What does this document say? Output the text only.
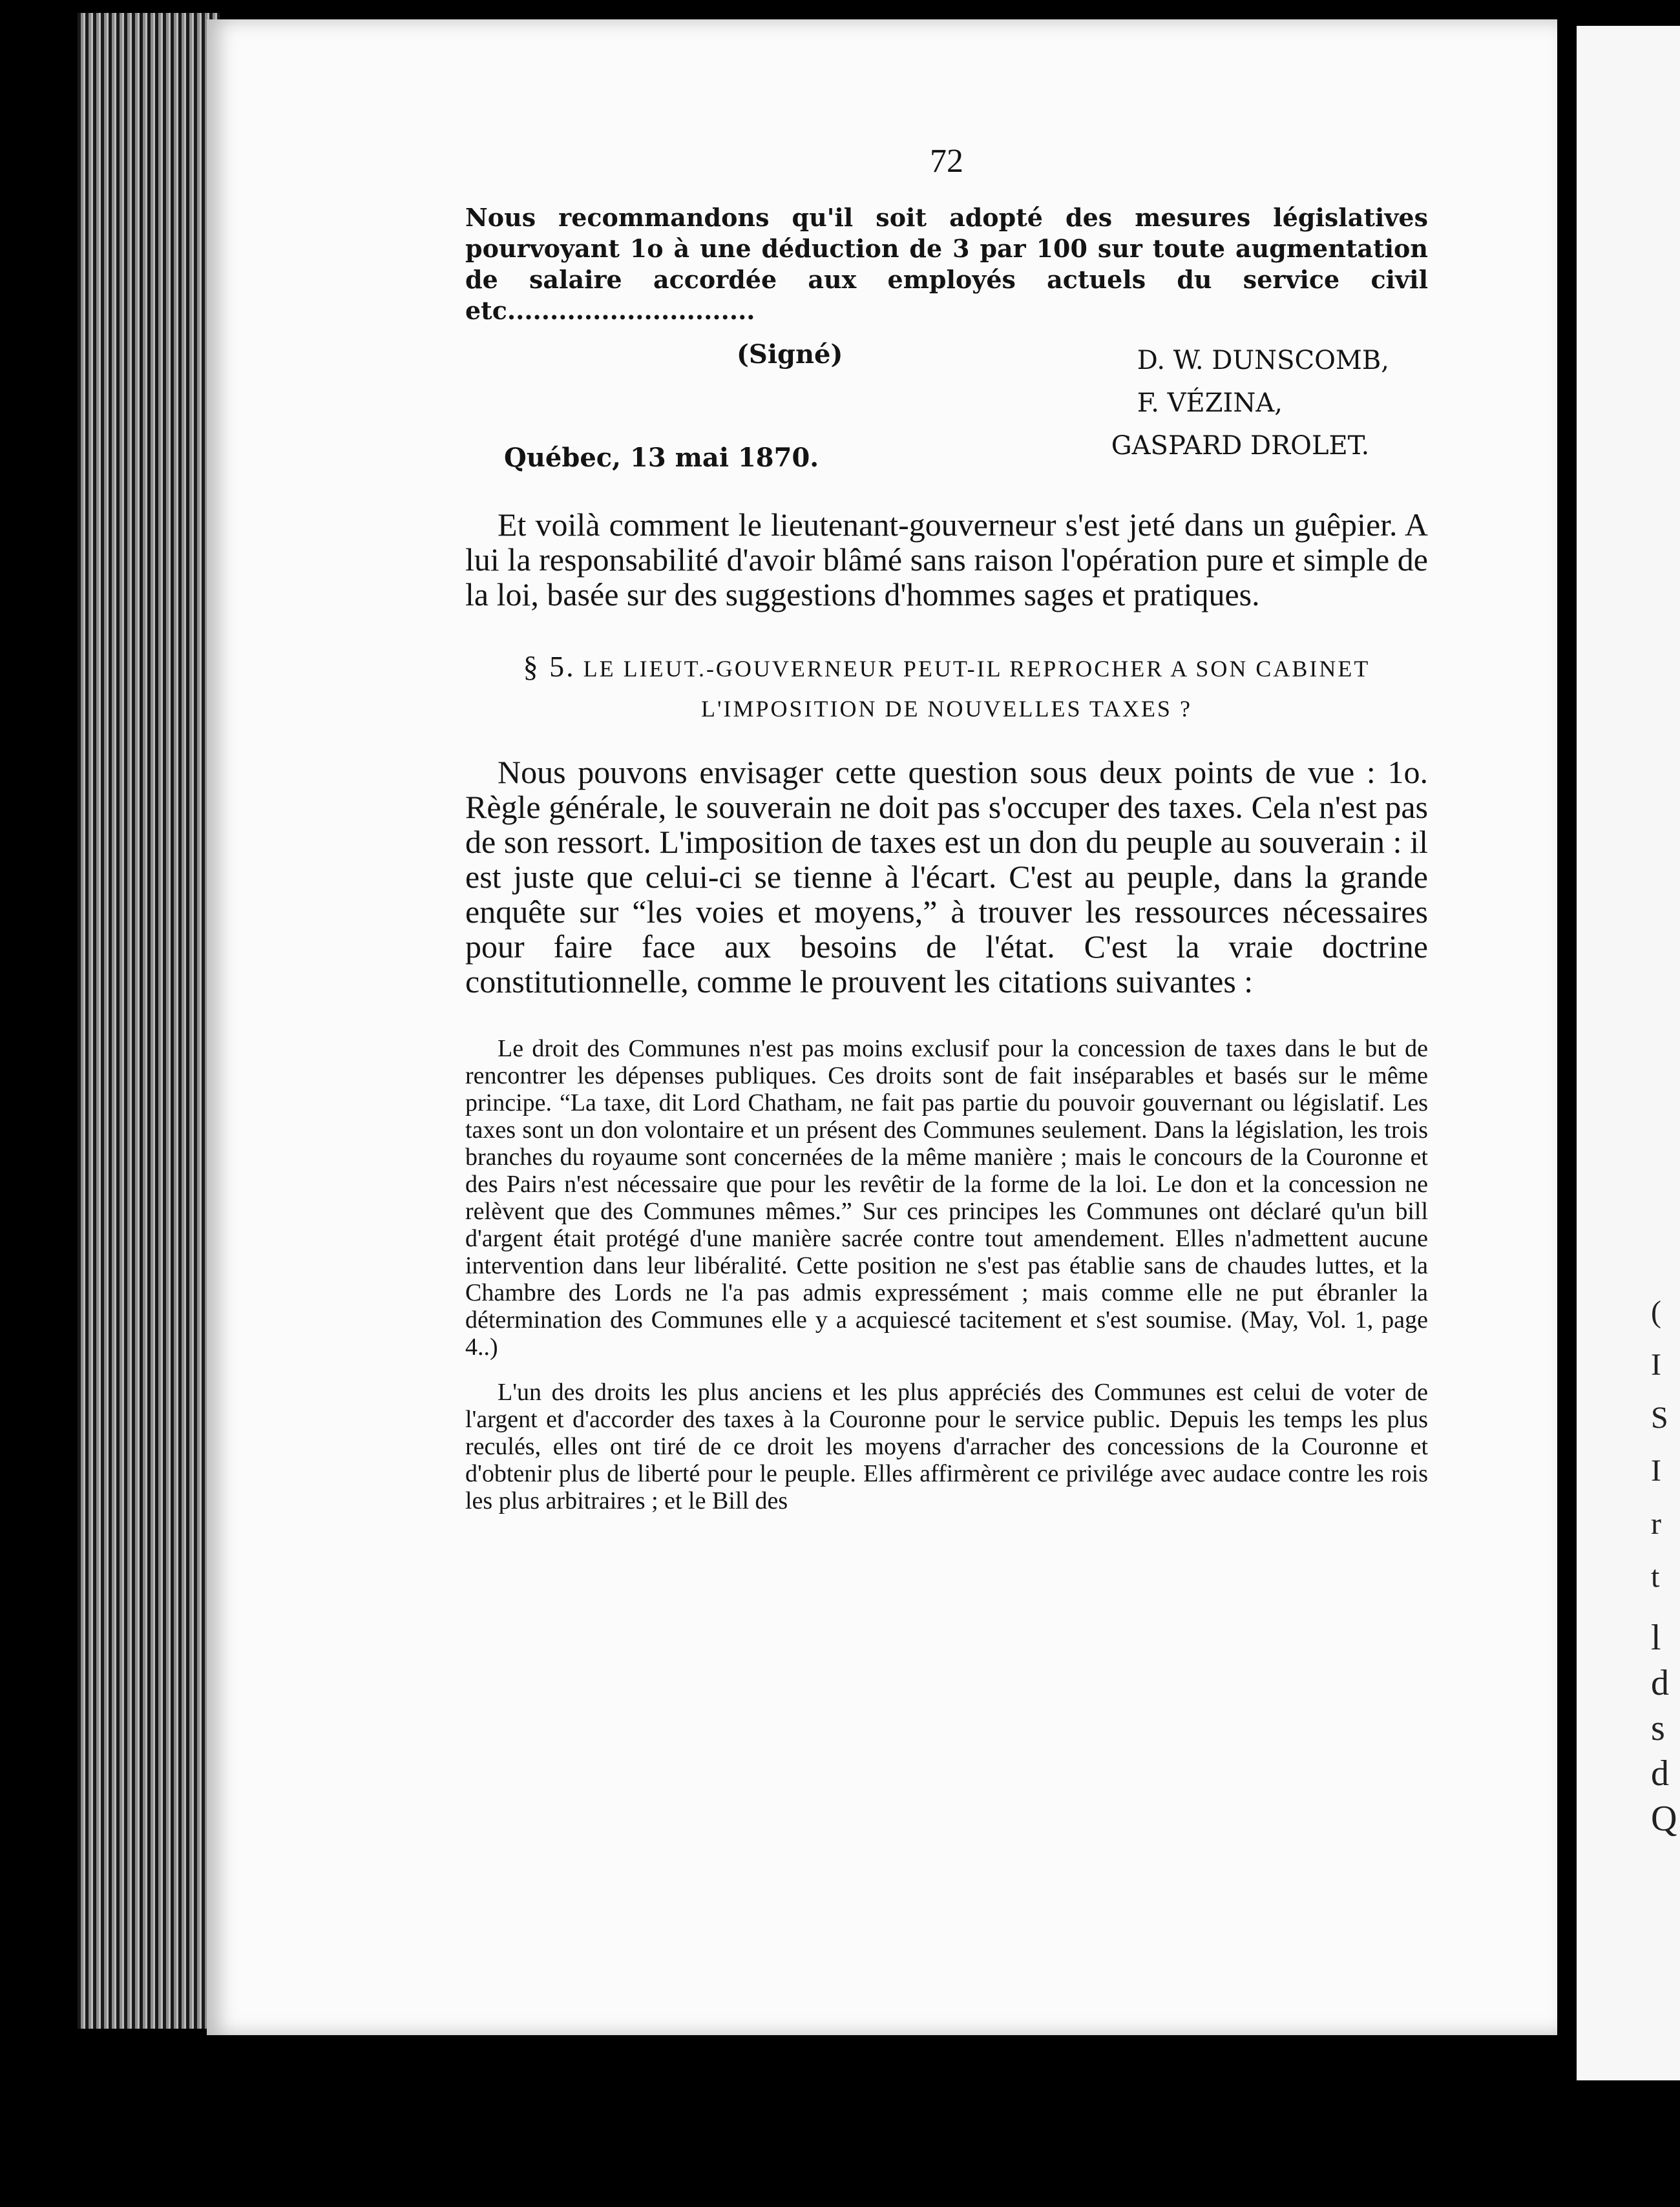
(
I
S
I
r
t
l
d
s
d
Q
72

Nous recommandons qu'il soit adopté des mesures législatives pourvoyant 1o à une déduction de 3 par 100 sur toute augmentation de salaire accordée aux employés actuels du service civil etc.............................

(Signé)	D. W. DUNSCOMB,
F. VÉZINA,
GASPARD DROLET.
Québec, 13 mai 1870.

Et voilà comment le lieutenant-gouverneur s'est jeté dans un guêpier. A lui la responsabilité d'avoir blâmé sans raison l'opération pure et simple de la loi, basée sur des suggestions d'hommes sages et pratiques.

§ 5. LE LIEUT.-GOUVERNEUR PEUT-IL REPROCHER A SON CABINET L'IMPOSITION DE NOUVELLES TAXES ?

Nous pouvons envisager cette question sous deux points de vue : 1o. Règle générale, le souverain ne doit pas s'occuper des taxes. Cela n'est pas de son ressort. L'imposition de taxes est un don du peuple au souverain : il est juste que celui-ci se tienne à l'écart. C'est au peuple, dans la grande enquête sur “les voies et moyens,” à trouver les ressources nécessaires pour faire face aux besoins de l'état. C'est la vraie doctrine constitutionnelle, comme le prouvent les citations suivantes :

Le droit des Communes n'est pas moins exclusif pour la concession de taxes dans le but de rencontrer les dépenses publiques. Ces droits sont de fait inséparables et basés sur le même principe. “La taxe, dit Lord Chatham, ne fait pas partie du pouvoir gouvernant ou législatif. Les taxes sont un don volontaire et un présent des Communes seulement. Dans la législation, les trois branches du royaume sont concernées de la même manière ; mais le concours de la Couronne et des Pairs n'est nécessaire que pour les revêtir de la forme de la loi. Le don et la concession ne relèvent que des Communes mêmes.” Sur ces principes les Communes ont déclaré qu'un bill d'argent était protégé d'une manière sacrée contre tout amendement. Elles n'admettent aucune intervention dans leur libéralité. Cette position ne s'est pas établie sans de chaudes luttes, et la Chambre des Lords ne l'a pas admis expressément ; mais comme elle ne put ébranler la détermination des Communes elle y a acquiescé tacitement et s'est soumise. (May, Vol. 1, page 4..)

L'un des droits les plus anciens et les plus appréciés des Communes est celui de voter de l'argent et d'accorder des taxes à la Couronne pour le service public. Depuis les temps les plus reculés, elles ont tiré de ce droit les moyens d'arracher des concessions de la Couronne et d'obtenir plus de liberté pour le peuple. Elles affirmèrent ce privilége avec audace contre les rois les plus arbitraires ; et le Bill des
